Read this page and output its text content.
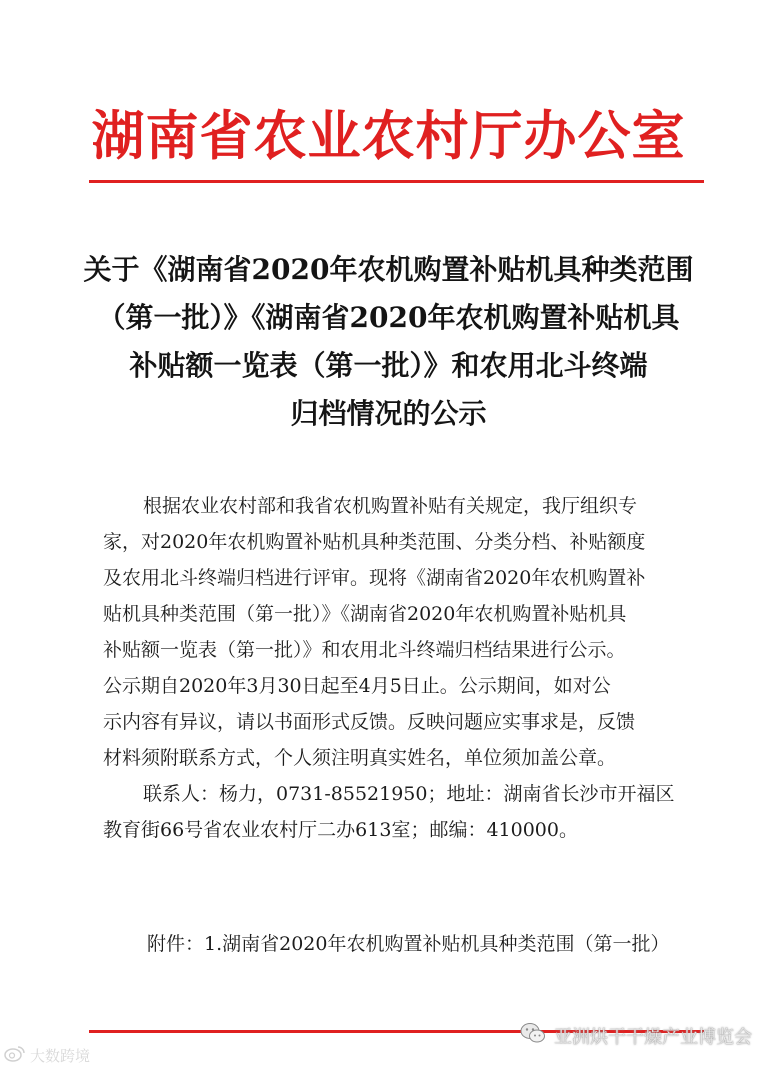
湖南省农业农村厅办公室
关于《湖南省2020年农机购置补贴机具种类范围
（第一批）》《湖南省2020年农机购置补贴机具
补贴额一览表（第一批）》和农用北斗终端
归档情况的公示
根据农业农村部和我省农机购置补贴有关规定，我厅组织专
家，对2020年农机购置补贴机具种类范围、分类分档、补贴额度
及农用北斗终端归档进行评审。现将《湖南省2020年农机购置补
贴机具种类范围（第一批）》《湖南省2020年农机购置补贴机具
补贴额一览表（第一批）》和农用北斗终端归档结果进行公示。
公示期自2020年3月30日起至4月5日止。公示期间，如对公
示内容有异议，请以书面形式反馈。反映问题应实事求是，反馈
材料须附联系方式，个人须注明真实姓名，单位须加盖公章。
联系人：杨力，0731-85521950；地址：湖南省长沙市开福区
教育街66号省农业农村厅二办613室；邮编：410000。
附件：1.湖南省2020年农机购置补贴机具种类范围（第一批）
大数跨境
亚洲烘干干燥产业博览会
